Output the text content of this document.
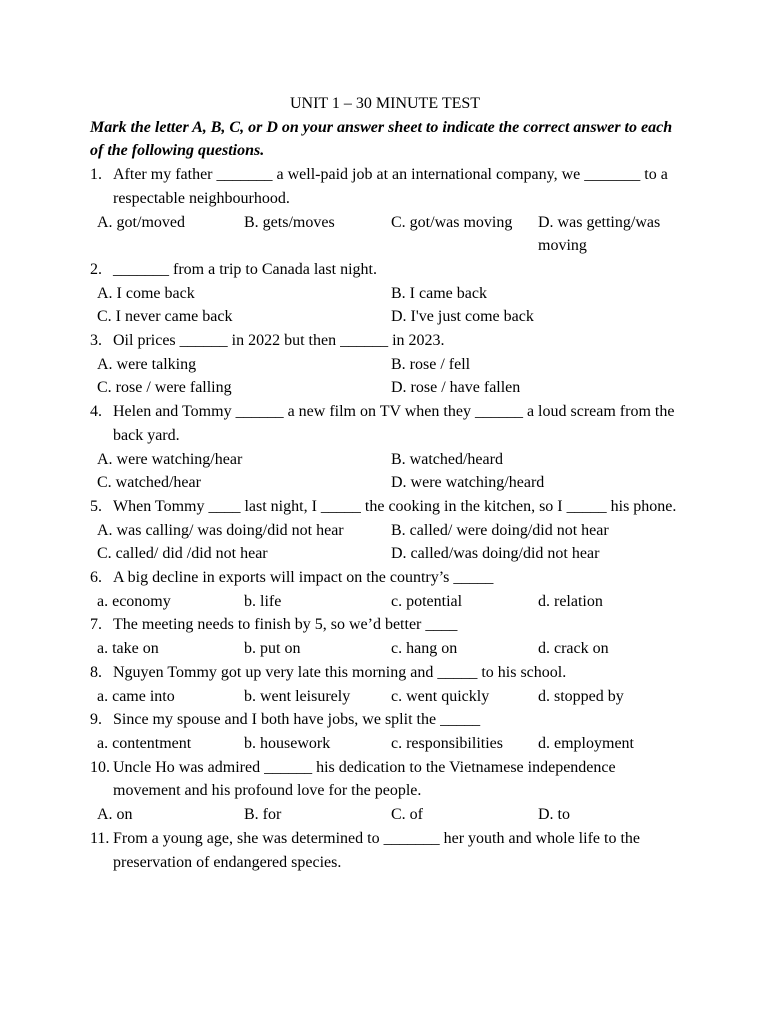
UNIT 1 – 30 MINUTE TEST
Mark the letter A, B, C, or D on your answer sheet to indicate the correct answer to each of the following questions.
1. After my father _______ a well-paid job at an international company, we _______ to a respectable neighbourhood.
A. got/moved	B. gets/moves	C. got/was moving	D. was getting/was moving
2. _______ from a trip to Canada last night.
A. I come back	B. I came back
C. I never came back	D. I've just come back
3. Oil prices ______ in 2022 but then ______ in 2023.
A. were talking	B. rose / fell
C. rose / were falling	D. rose / have fallen
4. Helen and Tommy ______ a new film on TV when they ______ a loud scream from the back yard.
A. were watching/hear	B. watched/heard
C. watched/hear	D. were watching/heard
5. When Tommy ____ last night, I _____ the cooking in the kitchen, so I _____ his phone.
A. was calling/ was doing/did not hear	B. called/ were doing/did not hear
C. called/ did /did not hear	D. called/was doing/did not hear
6. A big decline in exports will impact on the country’s _____
a. economy	b. life	c. potential	d. relation
7. The meeting needs to finish by 5, so we’d better ____
a. take on	b. put on	c. hang on	d. crack on
8. Nguyen Tommy got up very late this morning and _____ to his school.
a. came into	b. went leisurely	c. went quickly	d. stopped by
9. Since my spouse and I both have jobs, we split the _____
a. contentment	b. housework	c. responsibilities	d. employment
10. Uncle Ho was admired ______ his dedication to the Vietnamese independence movement and his profound love for the people.
A. on	B. for	C. of	D. to
11. From a young age, she was determined to _______ her youth and whole life to the preservation of endangered species.
